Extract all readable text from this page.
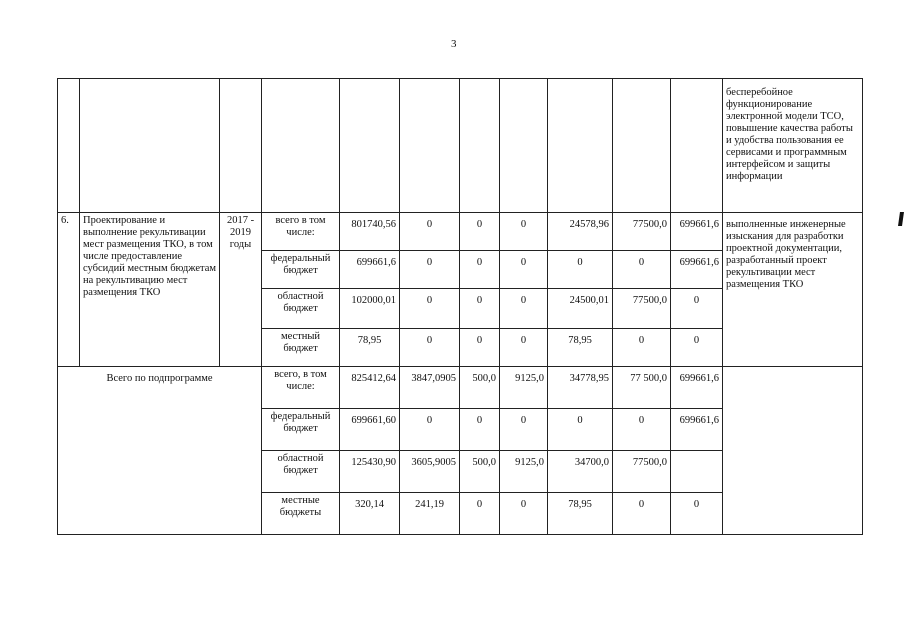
3
											бесперебойное функционирование электронной модели ТСО, повышение качества работы и удобства пользования ее сервисами и программным интерфейсом и защиты информации
6.	Проектирование и выполнение рекультивации мест размещения ТКО, в том числе предоставление субсидий местным бюджетам на рекультивацию мест размещения ТКО	2017 - 2019 годы	всего в том числе:	801740,56	0	0	0	24578,96	77500,0	699661,6	выполненные инженерные изыскания для разработки проектной документации, разработанный проект рекультивации мест размещения ТКО
			федеральный бюджет	699661,6	0	0	0	0	0	699661,6	
			областной бюджет	102000,01	0	0	0	24500,01	77500,0	0	
			местный бюджет	78,95	0	0	0	78,95	0	0	
Всего по подпрограмме			всего, в том числе:	825412,64	3847,0905	500,0	9125,0	34778,95	77 500,0	699661,6	
			федеральный бюджет	699661,60	0	0	0	0	0	699661,6	
			областной бюджет	125430,90	3605,9005	500,0	9125,0	34700,0	77500,0		
			местные бюджеты	320,14	241,19	0	0	78,95	0	0	
